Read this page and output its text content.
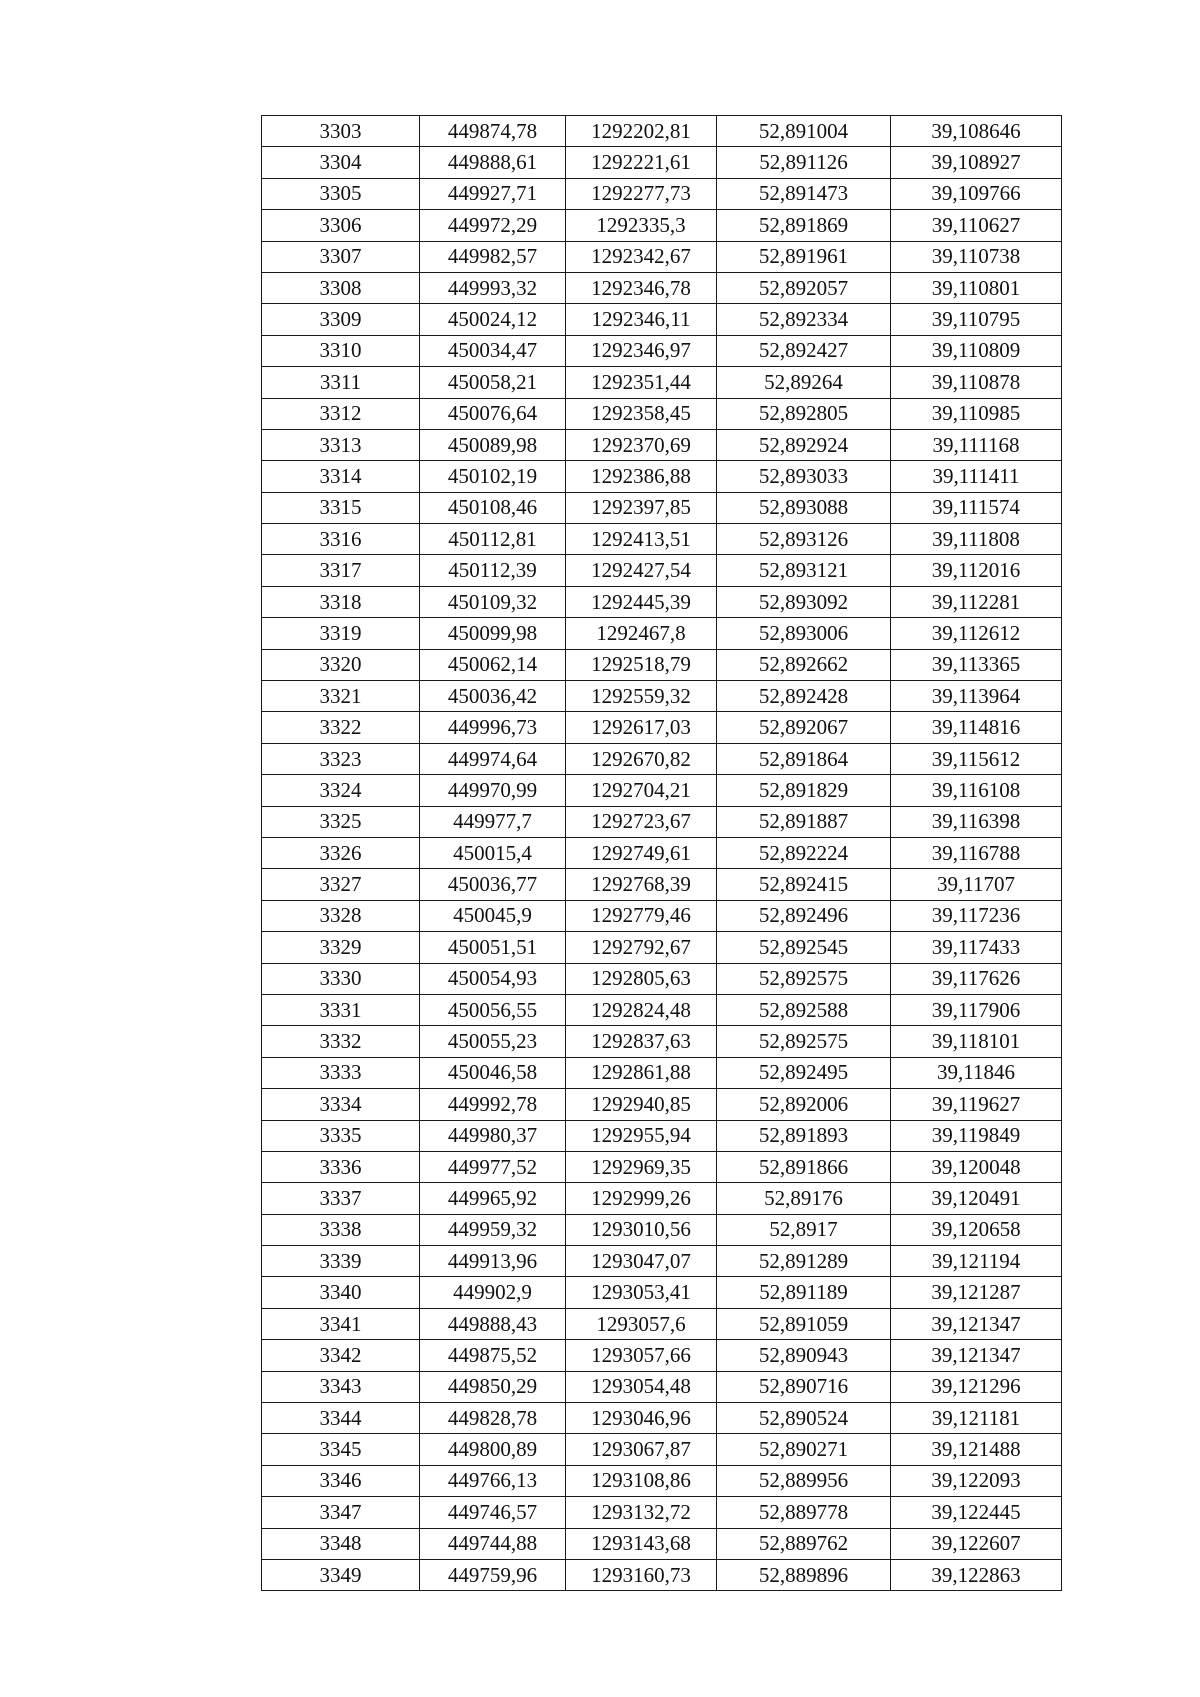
3303	449874,78	1292202,81	52,891004	39,108646
3304	449888,61	1292221,61	52,891126	39,108927
3305	449927,71	1292277,73	52,891473	39,109766
3306	449972,29	1292335,3	52,891869	39,110627
3307	449982,57	1292342,67	52,891961	39,110738
3308	449993,32	1292346,78	52,892057	39,110801
3309	450024,12	1292346,11	52,892334	39,110795
3310	450034,47	1292346,97	52,892427	39,110809
3311	450058,21	1292351,44	52,89264	39,110878
3312	450076,64	1292358,45	52,892805	39,110985
3313	450089,98	1292370,69	52,892924	39,111168
3314	450102,19	1292386,88	52,893033	39,111411
3315	450108,46	1292397,85	52,893088	39,111574
3316	450112,81	1292413,51	52,893126	39,111808
3317	450112,39	1292427,54	52,893121	39,112016
3318	450109,32	1292445,39	52,893092	39,112281
3319	450099,98	1292467,8	52,893006	39,112612
3320	450062,14	1292518,79	52,892662	39,113365
3321	450036,42	1292559,32	52,892428	39,113964
3322	449996,73	1292617,03	52,892067	39,114816
3323	449974,64	1292670,82	52,891864	39,115612
3324	449970,99	1292704,21	52,891829	39,116108
3325	449977,7	1292723,67	52,891887	39,116398
3326	450015,4	1292749,61	52,892224	39,116788
3327	450036,77	1292768,39	52,892415	39,11707
3328	450045,9	1292779,46	52,892496	39,117236
3329	450051,51	1292792,67	52,892545	39,117433
3330	450054,93	1292805,63	52,892575	39,117626
3331	450056,55	1292824,48	52,892588	39,117906
3332	450055,23	1292837,63	52,892575	39,118101
3333	450046,58	1292861,88	52,892495	39,11846
3334	449992,78	1292940,85	52,892006	39,119627
3335	449980,37	1292955,94	52,891893	39,119849
3336	449977,52	1292969,35	52,891866	39,120048
3337	449965,92	1292999,26	52,89176	39,120491
3338	449959,32	1293010,56	52,8917	39,120658
3339	449913,96	1293047,07	52,891289	39,121194
3340	449902,9	1293053,41	52,891189	39,121287
3341	449888,43	1293057,6	52,891059	39,121347
3342	449875,52	1293057,66	52,890943	39,121347
3343	449850,29	1293054,48	52,890716	39,121296
3344	449828,78	1293046,96	52,890524	39,121181
3345	449800,89	1293067,87	52,890271	39,121488
3346	449766,13	1293108,86	52,889956	39,122093
3347	449746,57	1293132,72	52,889778	39,122445
3348	449744,88	1293143,68	52,889762	39,122607
3349	449759,96	1293160,73	52,889896	39,122863
